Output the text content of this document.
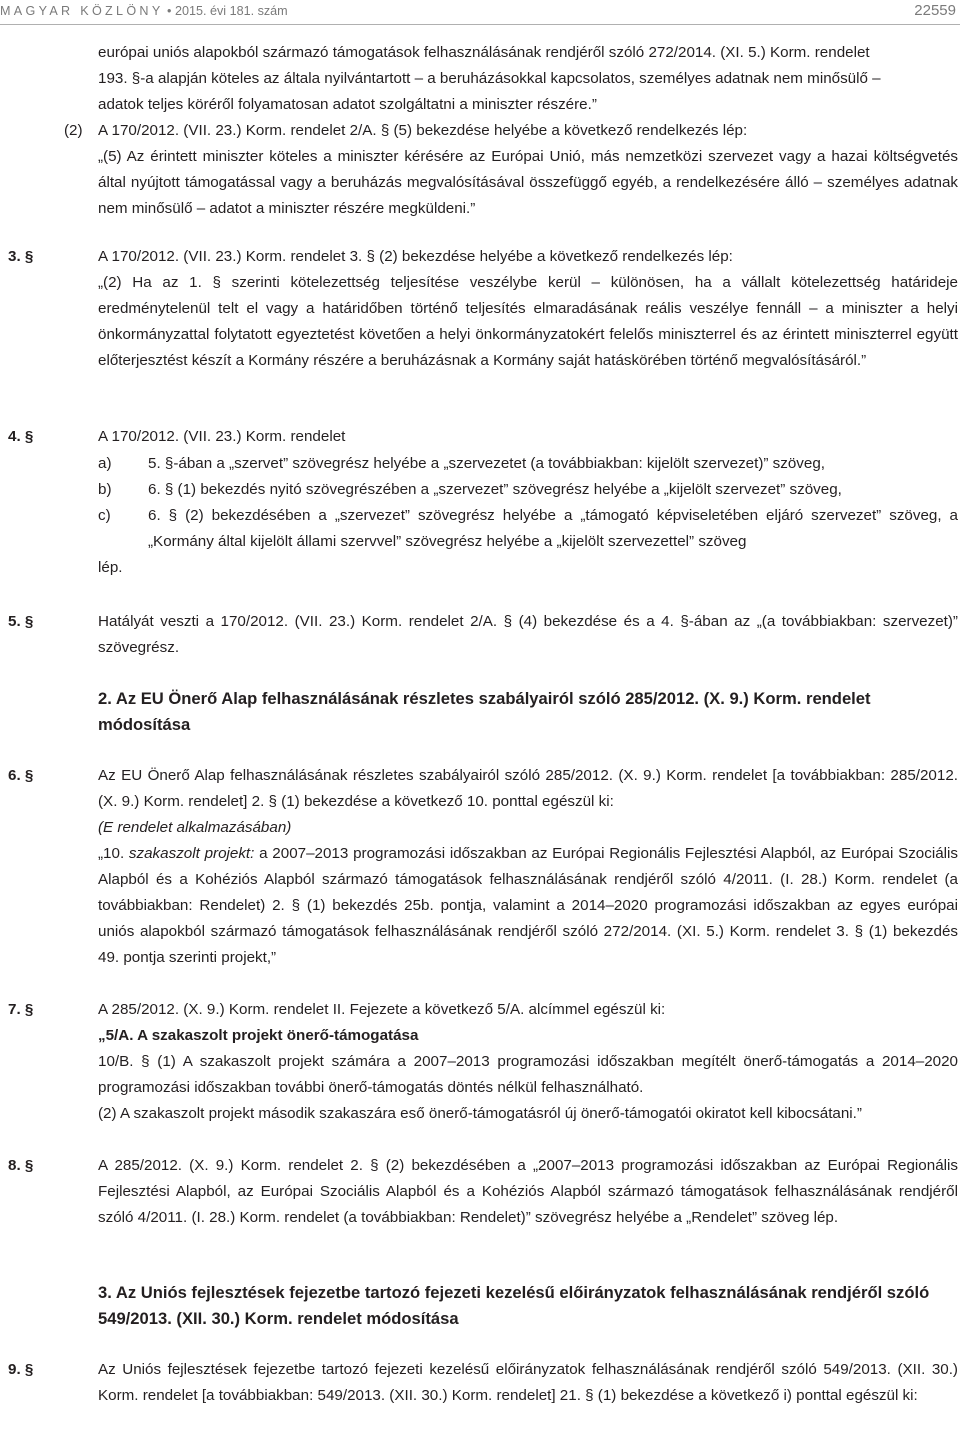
MAGYAR KÖZLÖNY • 2015. évi 181. szám	22559
európai uniós alapokból származó támogatások felhasználásának rendjéről szóló 272/2014. (XI. 5.) Korm. rendelet
193. §-a alapján köteles az általa nyilvántartott – a beruházásokkal kapcsolatos, személyes adatnak nem minősülő –
adatok teljes köréről folyamatosan adatot szolgáltatni a miniszter részére.”
(2)	A 170/2012. (VII. 23.) Korm. rendelet 2/A. § (5) bekezdése helyébe a következő rendelkezés lép:
„(5) Az érintett miniszter köteles a miniszter kérésére az Európai Unió, más nemzetközi szervezet vagy a hazai költségvetés által nyújtott támogatással vagy a beruházás megvalósításával összefüggő egyéb, a rendelkezésére álló – személyes adatnak nem minősülő – adatot a miniszter részére megküldeni.”
3. §	A 170/2012. (VII. 23.) Korm. rendelet 3. § (2) bekezdése helyébe a következő rendelkezés lép:
„(2) Ha az 1. § szerinti kötelezettség teljesítése veszélybe kerül – különösen, ha a vállalt kötelezettség határideje eredménytelenül telt el vagy a határidőben történő teljesítés elmaradásának reális veszélye fennáll – a miniszter a helyi önkormányzattal folytatott egyeztetést követően a helyi önkormányzatokért felelős miniszterrel és az érintett miniszterrel együtt előterjesztést készít a Kormány részére a beruházásnak a Kormány saját hatáskörében történő megvalósításáról.”
4. §	A 170/2012. (VII. 23.) Korm. rendelet
a) 5. §-ában a „szervet” szövegrész helyébe a „szervezetet (a továbbiakban: kijelölt szervezet)” szöveg,
b) 6. § (1) bekezdés nyitó szövegrészében a „szervezet” szövegrész helyébe a „kijelölt szervezet” szöveg,
c) 6. § (2) bekezdésében a „szervezet” szövegrész helyébe a „támogató képviseletében eljáró szervezet” szöveg, a „Kormány által kijelölt állami szervvel” szövegrész helyébe a „kijelölt szervezettel” szöveg
lép.
5. §	Hatályát veszti a 170/2012. (VII. 23.) Korm. rendelet 2/A. § (4) bekezdése és a 4. §-ában az „(a továbbiakban: szervezet)” szövegrész.
2. Az EU Önerő Alap felhasználásának részletes szabályairól szóló 285/2012. (X. 9.) Korm. rendelet módosítása
6. §	Az EU Önerő Alap felhasználásának részletes szabályairól szóló 285/2012. (X. 9.) Korm. rendelet [a továbbiakban: 285/2012. (X. 9.) Korm. rendelet] 2. § (1) bekezdése a következő 10. ponttal egészül ki:
(E rendelet alkalmazásában)
„10. szakaszolt projekt: a 2007–2013 programozási időszakban az Európai Regionális Fejlesztési Alapból, az Európai Szociális Alapból és a Kohéziós Alapból származó támogatások felhasználásának rendjéről szóló 4/2011. (I. 28.) Korm. rendelet (a továbbiakban: Rendelet) 2. § (1) bekezdés 25b. pontja, valamint a 2014–2020 programozási időszakban az egyes európai uniós alapokból származó támogatások felhasználásának rendjéről szóló 272/2014. (XI. 5.) Korm. rendelet 3. § (1) bekezdés 49. pontja szerinti projekt,”
7. §	A 285/2012. (X. 9.) Korm. rendelet II. Fejezete a következő 5/A. alcímmel egészül ki:
„5/A. A szakaszolt projekt önerő-támogatása
10/B. § (1) A szakaszolt projekt számára a 2007–2013 programozási időszakban megítélt önerő-támogatás a 2014–2020 programozási időszakban további önerő-támogatás döntés nélkül felhasználható.
(2) A szakaszolt projekt második szakaszára eső önerő-támogatásról új önerő-támogatói okiratot kell kibocsátani.”
8. §	A 285/2012. (X. 9.) Korm. rendelet 2. § (2) bekezdésében a „2007–2013 programozási időszakban az Európai Regionális Fejlesztési Alapból, az Európai Szociális Alapból és a Kohéziós Alapból származó támogatások felhasználásának rendjéről szóló 4/2011. (I. 28.) Korm. rendelet (a továbbiakban: Rendelet)” szövegrész helyébe a „Rendelet” szöveg lép.
3. Az Uniós fejlesztések fejezetbe tartozó fejezeti kezelésű előirányzatok felhasználásának rendjéről szóló 549/2013. (XII. 30.) Korm. rendelet módosítása
9. §	Az Uniós fejlesztések fejezetbe tartozó fejezeti kezelésű előirányzatok felhasználásának rendjéről szóló 549/2013. (XII. 30.) Korm. rendelet [a továbbiakban: 549/2013. (XII. 30.) Korm. rendelet] 21. § (1) bekezdése a következő i) ponttal egészül ki:
